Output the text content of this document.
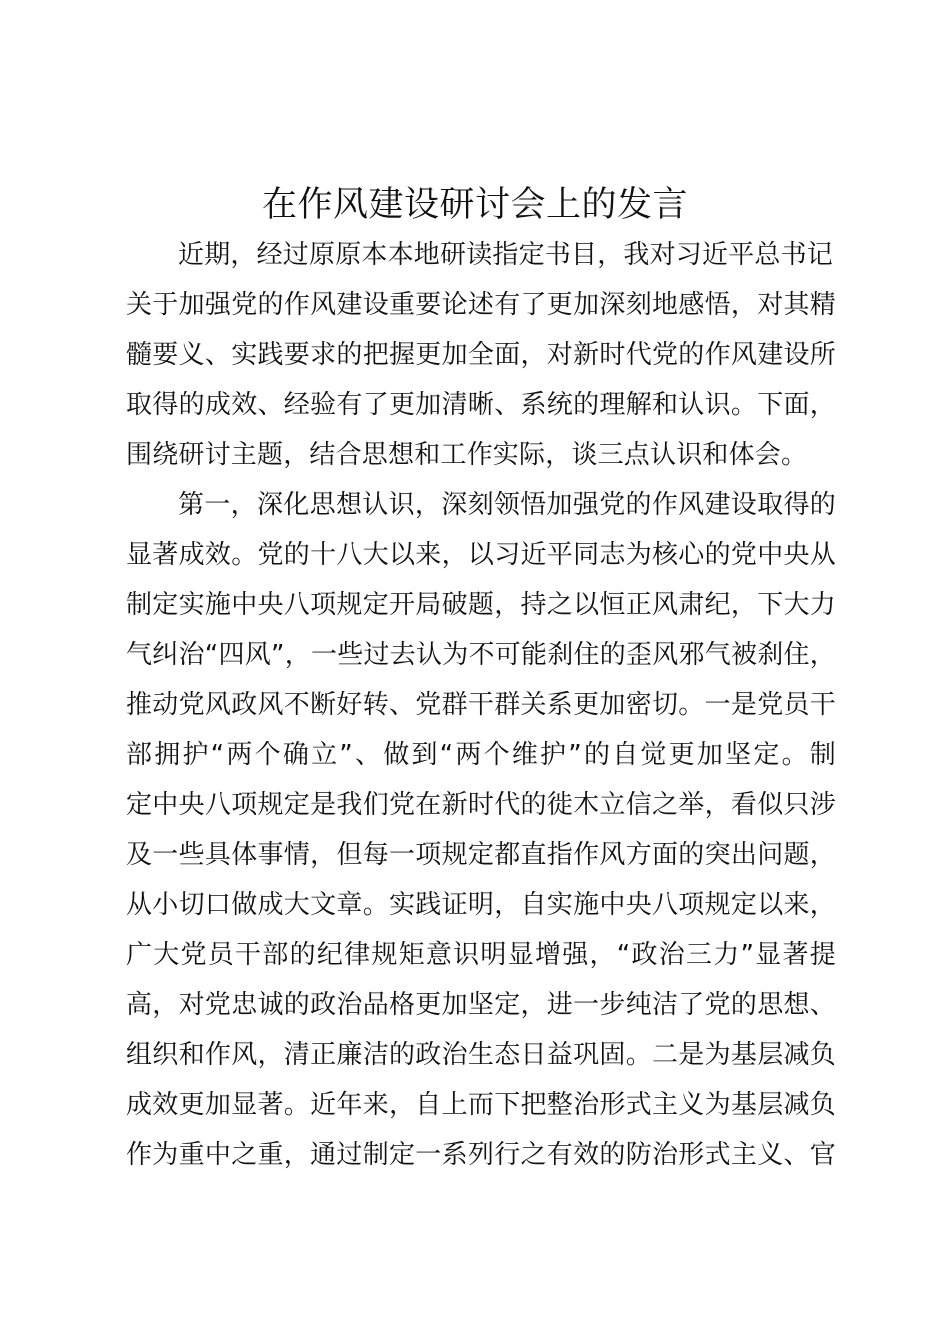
在作风建设研讨会上的发言
近期，经过原原本本地研读指定书目，我对习近平总书记
关于加强党的作风建设重要论述有了更加深刻地感悟，对其精
髓要义、实践要求的把握更加全面，对新时代党的作风建设所
取得的成效、经验有了更加清晰、系统的理解和认识。下面，
围绕研讨主题，结合思想和工作实际，谈三点认识和体会。
第一，深化思想认识，深刻领悟加强党的作风建设取得的
显著成效。党的十八大以来，以习近平同志为核心的党中央从
制定实施中央八项规定开局破题，持之以恒正风肃纪，下大力
气纠治“四风”，一些过去认为不可能刹住的歪风邪气被刹住，
推动党风政风不断好转、党群干群关系更加密切。一是党员干
部拥护“两个确立”、做到“两个维护”的自觉更加坚定。制
定中央八项规定是我们党在新时代的徙木立信之举，看似只涉
及一些具体事情，但每一项规定都直指作风方面的突出问题，
从小切口做成大文章。实践证明，自实施中央八项规定以来，
广大党员干部的纪律规矩意识明显增强，“政治三力”显著提
高，对党忠诚的政治品格更加坚定，进一步纯洁了党的思想、
组织和作风，清正廉洁的政治生态日益巩固。二是为基层减负
成效更加显著。近年来，自上而下把整治形式主义为基层减负
作为重中之重，通过制定一系列行之有效的防治形式主义、官
